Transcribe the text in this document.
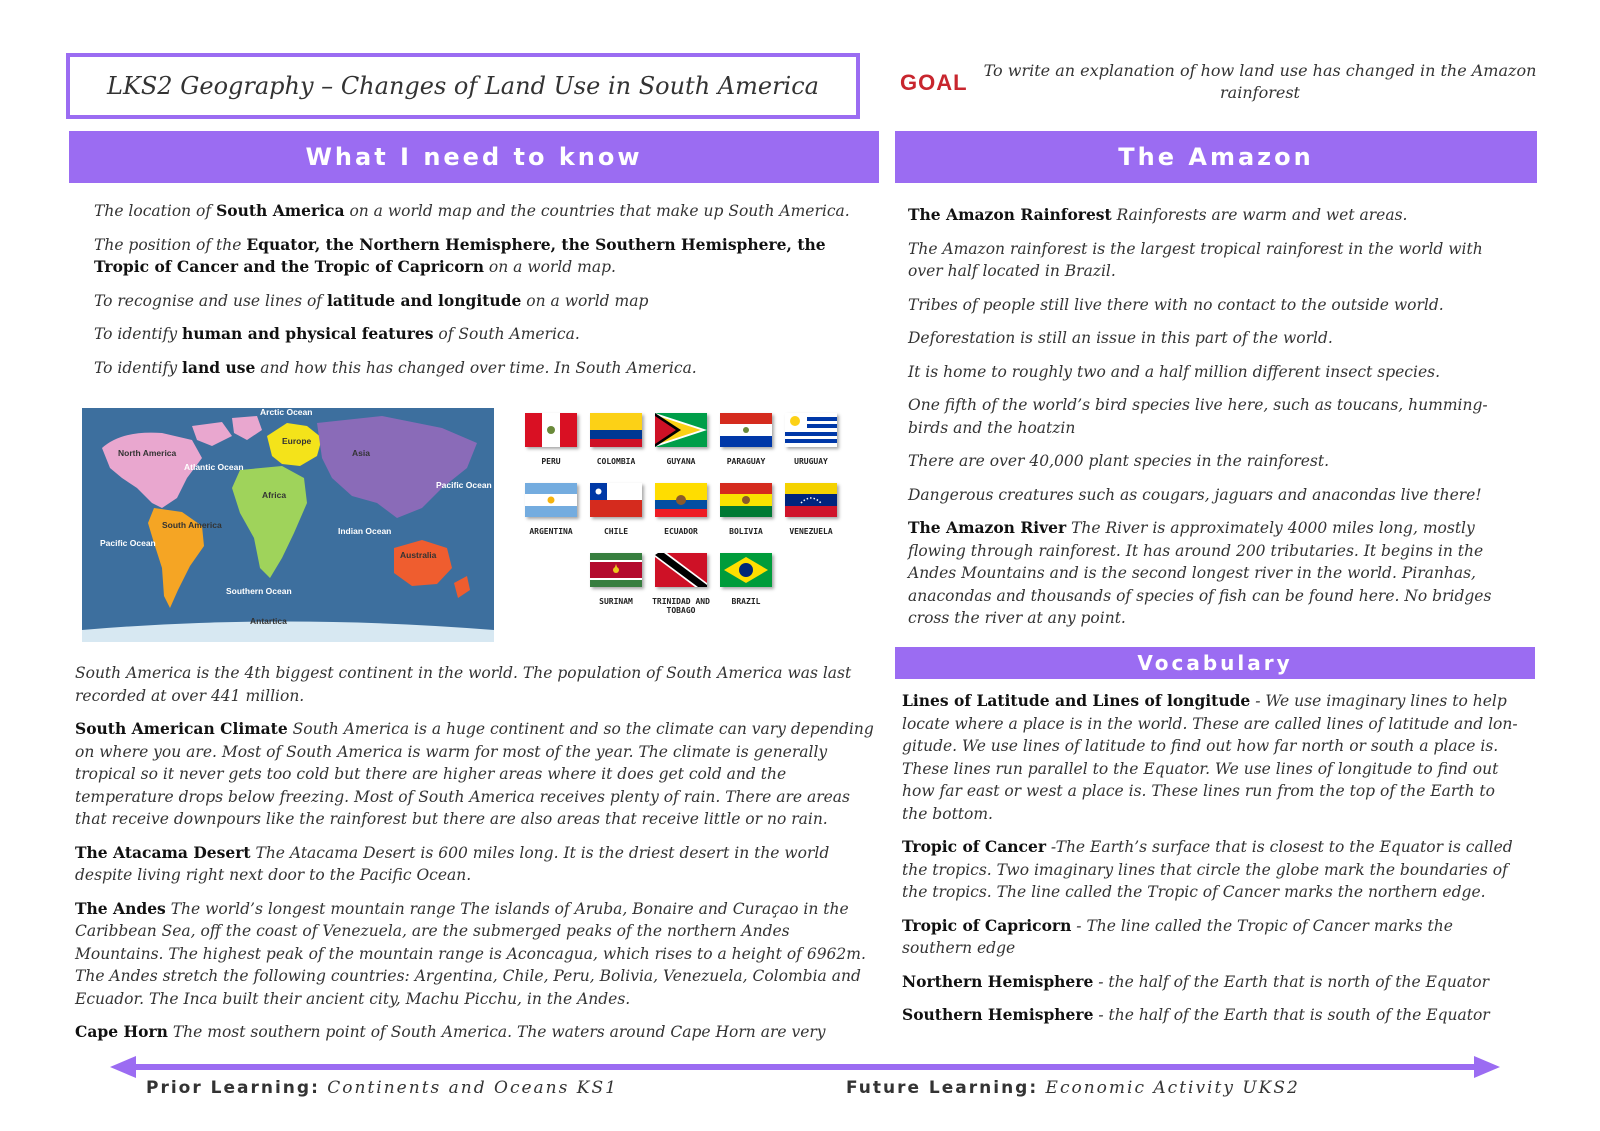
LKS2 Geography – Changes of Land Use in South America	GOAL To write an explanation of how land use has changed in the Amazon rainforest
What I need to know

The location of South America on a world map and the countries that make up South America.

The position of the Equator, the Northern Hemisphere, the Southern Hemisphere, the Tropic of Cancer and the Tropic of Capricorn on a world map.

To recognise and use lines of latitude and longitude on a world map

To identify human and physical features of South America.

To identify land use and how this has changed over time. In South America.

Arctic Ocean
North America
Europe
Asia
Atlantic Ocean
Africa
Pacific Ocean
South America
Pacific Ocean
Indian Ocean
Australia
Southern Ocean
Antartica
PERU	COLOMBIA	GUYANA	PARAGUAY	URUGUAY
ARGENTINA	CHILE	ECUADOR	BOLIVIA	VENEZUELA
SURINAM	TRINIDAD AND TOBAGO
BRAZIL

South America is the 4th biggest continent in the world. The population of South America was last recorded at over 441 million.

South American Climate South America is a huge continent and so the climate can vary depending on where you are. Most of South America is warm for most of the year. The climate is generally tropical so it never gets too cold but there are higher areas where it does get cold and the temperature drops below freezing. Most of South America receives plenty of rain. There are areas that receive downpours like the rainforest but there are also areas that receive little or no rain.

The Atacama Desert The Atacama Desert is 600 miles long. It is the driest desert in the world despite living right next door to the Pacific Ocean.

The Andes The world’s longest mountain range The islands of Aruba, Bonaire and Curaçao in the Caribbean Sea, off the coast of Venezuela, are the submerged peaks of the northern Andes Mountains. The highest peak of the mountain range is Aconcagua, which rises to a height of 6962m. The Andes stretch the following countries: Argentina, Chile, Peru, Bolivia, Venezuela, Colombia and Ecuador. The Inca built their ancient city, Machu Picchu, in the Andes.

Cape Horn The most southern point of South America. The waters around Cape Horn are very

The Amazon

The Amazon Rainforest Rainforests are warm and wet areas.

The Amazon rainforest is the largest tropical rainforest in the world with over half located in Brazil.

Tribes of people still live there with no contact to the outside world.

Deforestation is still an issue in this part of the world.

It is home to roughly two and a half million different insect species.

One fifth of the world’s bird species live here, such as toucans, humming-birds and the hoatzin

There are over 40,000 plant species in the rainforest.

Dangerous creatures such as cougars, jaguars and anacondas live there!

The Amazon River The River is approximately 4000 miles long, mostly flowing through rainforest. It has around 200 tributaries. It begins in the Andes Mountains and is the second longest river in the world. Piranhas, anacondas and thousands of species of fish can be found here. No bridges cross the river at any point.

Vocabulary

Lines of Latitude and Lines of longitude - We use imaginary lines to help locate where a place is in the world. These are called lines of latitude and lon-gitude. We use lines of latitude to find out how far north or south a place is. These lines run parallel to the Equator. We use lines of longitude to find out how far east or west a place is. These lines run from the top of the Earth to the bottom.

Tropic of Cancer -The Earth’s surface that is closest to the Equator is called the tropics. Two imaginary lines that circle the globe mark the boundaries of the tropics. The line called the Tropic of Cancer marks the northern edge.

Tropic of Capricorn - The line called the Tropic of Cancer marks the southern edge

Northern Hemisphere - the half of the Earth that is north of the Equator

Southern Hemisphere - the half of the Earth that is south of the Equator

Prior Learning: Continents and Oceans KS1	Future Learning: Economic Activity UKS2
